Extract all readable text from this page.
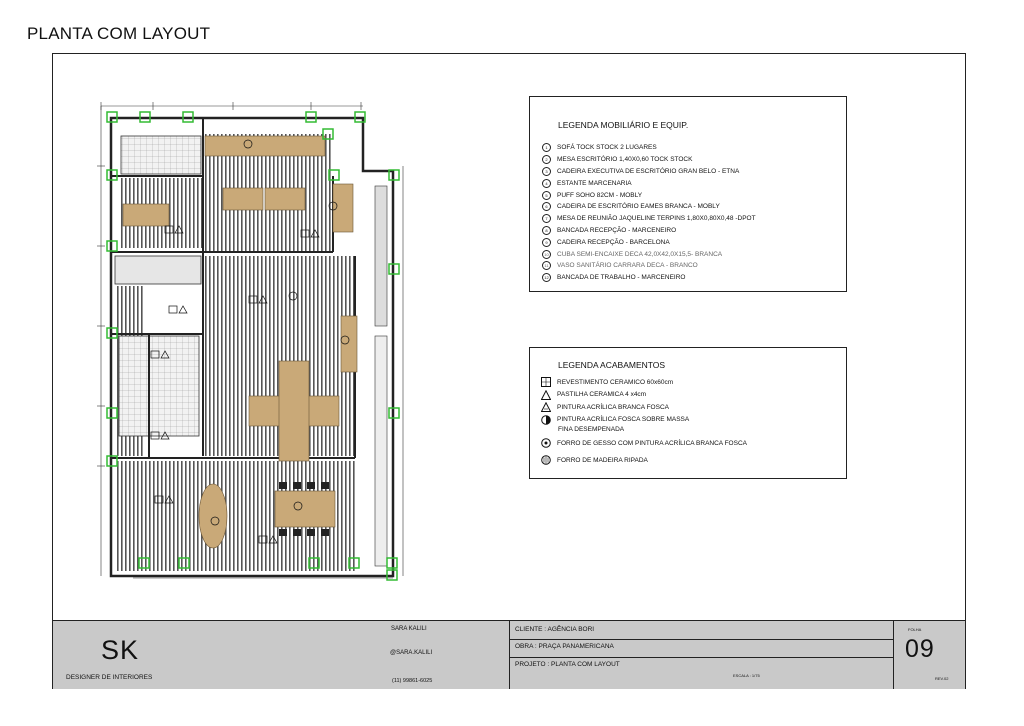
PLANTA COM LAYOUT
LEGENDA MOBILIÁRIO E EQUIP.
1	SOFÁ TOCK STOCK 2 LUGARES
2	MESA ESCRITÓRIO 1,40X0,60 TOCK STOCK
3	CADEIRA EXECUTIVA DE ESCRITÓRIO GRAN BELO - ETNA
4	ESTANTE MARCENARIA
5	PUFF SOHO 82CM - MOBLY
6	CADEIRA DE ESCRITÓRIO EAMES BRANCA - MOBLY
7	MESA DE REUNIÃO JAQUELINE TERPINS 1,80X0,80X0,48 -DPOT
8	BANCADA RECEPÇÃO - MARCENEIRO
9	CADEIRA RECEPÇÃO - BARCELONA
10	CUBA SEMI-ENCAIXE DECA 42,0X42,0X15,5- BRANCA
11	VASO SANITÁRIO CARRARA DECA - BRANCO
12	BANCADA DE TRABALHO - MARCENEIRO
LEGENDA ACABAMENTOS
REVESTIMENTO CERAMICO 60x60cm
PASTILHA CERAMICA 4 x4cm
PINTURA ACRÍLICA BRANCA FOSCA
PINTURA ACRÍLICA FOSCA SOBRE MASSA
FINA DESEMPENADA
FORRO DE GESSO COM PINTURA ACRÍLICA BRANCA FOSCA
FORRO DE MADEIRA RIPADA
SK
DESIGNER DE INTERIORES
SARA KALILI
@SARA.KALILI
(11) 99861-6025
CLIENTE : AGÊNCIA BORI
OBRA : PRAÇA PANAMERICANA
PROJETO : PLANTA COM LAYOUT
ESCALA : 1/75
FOLHA
09
REV.02
